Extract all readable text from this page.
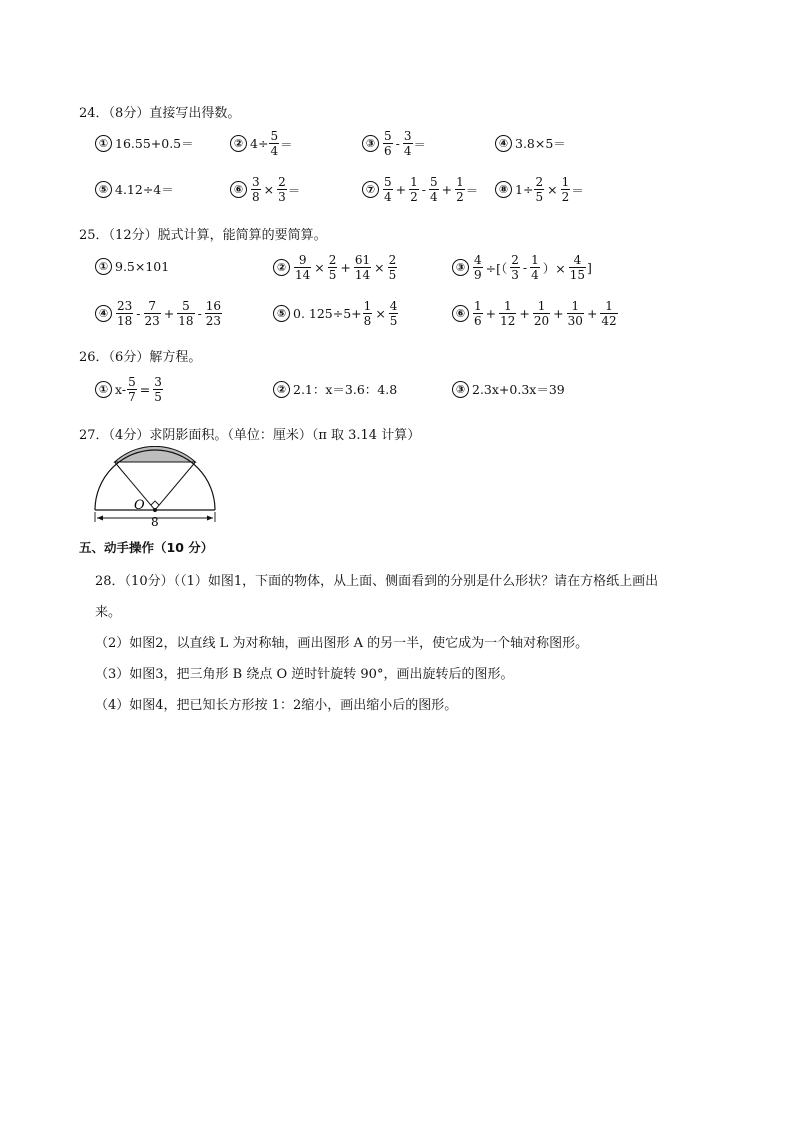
24．（8分）直接写出得数。
① 16.55+0.5＝	② $4\div \frac{5}{4}$ ＝	③ $\frac{5}{6} - \frac{3}{4}$ ＝	④ 3.8×5＝
⑤ 4.12÷4＝	⑥ $\frac{3}{8} \times \frac{2}{3}$ ＝	⑦ $\frac{5}{4} + \frac{1}{2} - \frac{5}{4} + \frac{1}{2}$ ＝	⑧ $1\div \frac{2}{5} \times \frac{1}{2}$ ＝
25．（12分）脱式计算，能简算的要简算。
① 9.5×101	② $\frac{9}{14} \times \frac{2}{5} + \frac{61}{14} \times \frac{2}{5}$	③ $\frac{4}{9}$ ÷[（ $\frac{2}{3} - \frac{1}{4}$ ）× $\frac{4}{15}$ ]
④ $\frac{23}{18} - \frac{7}{23} + \frac{5}{18} - \frac{16}{23}$	⑤ 0. $125\div 5+ \frac{1}{8} \times \frac{4}{5}$	⑥ $\frac{1}{6} + \frac{1}{12} + \frac{1}{20} + \frac{1}{30} + \frac{1}{42}$
26．（6分）解方程。
① $x- \frac{5}{7} = \frac{3}{5}$	② 2.1：x＝3.6：4.8	③ 2.3x+0.3x＝39
27．（4分）求阴影面积。（单位：厘米）（π 取 3.14 计算）
O
8
五、动手操作（10 分）
28．（10分）（（1）如图1，下面的物体，从上面、侧面看到的分别是什么形状？请在方格纸上画出
来。
（2）如图2，以直线 L 为对称轴，画出图形 A 的另一半，使它成为一个轴对称图形。
（3）如图3，把三角形 B 绕点 O 逆时针旋转 90°，画出旋转后的图形。
（4）如图4，把已知长方形按 1：2缩小，画出缩小后的图形。
